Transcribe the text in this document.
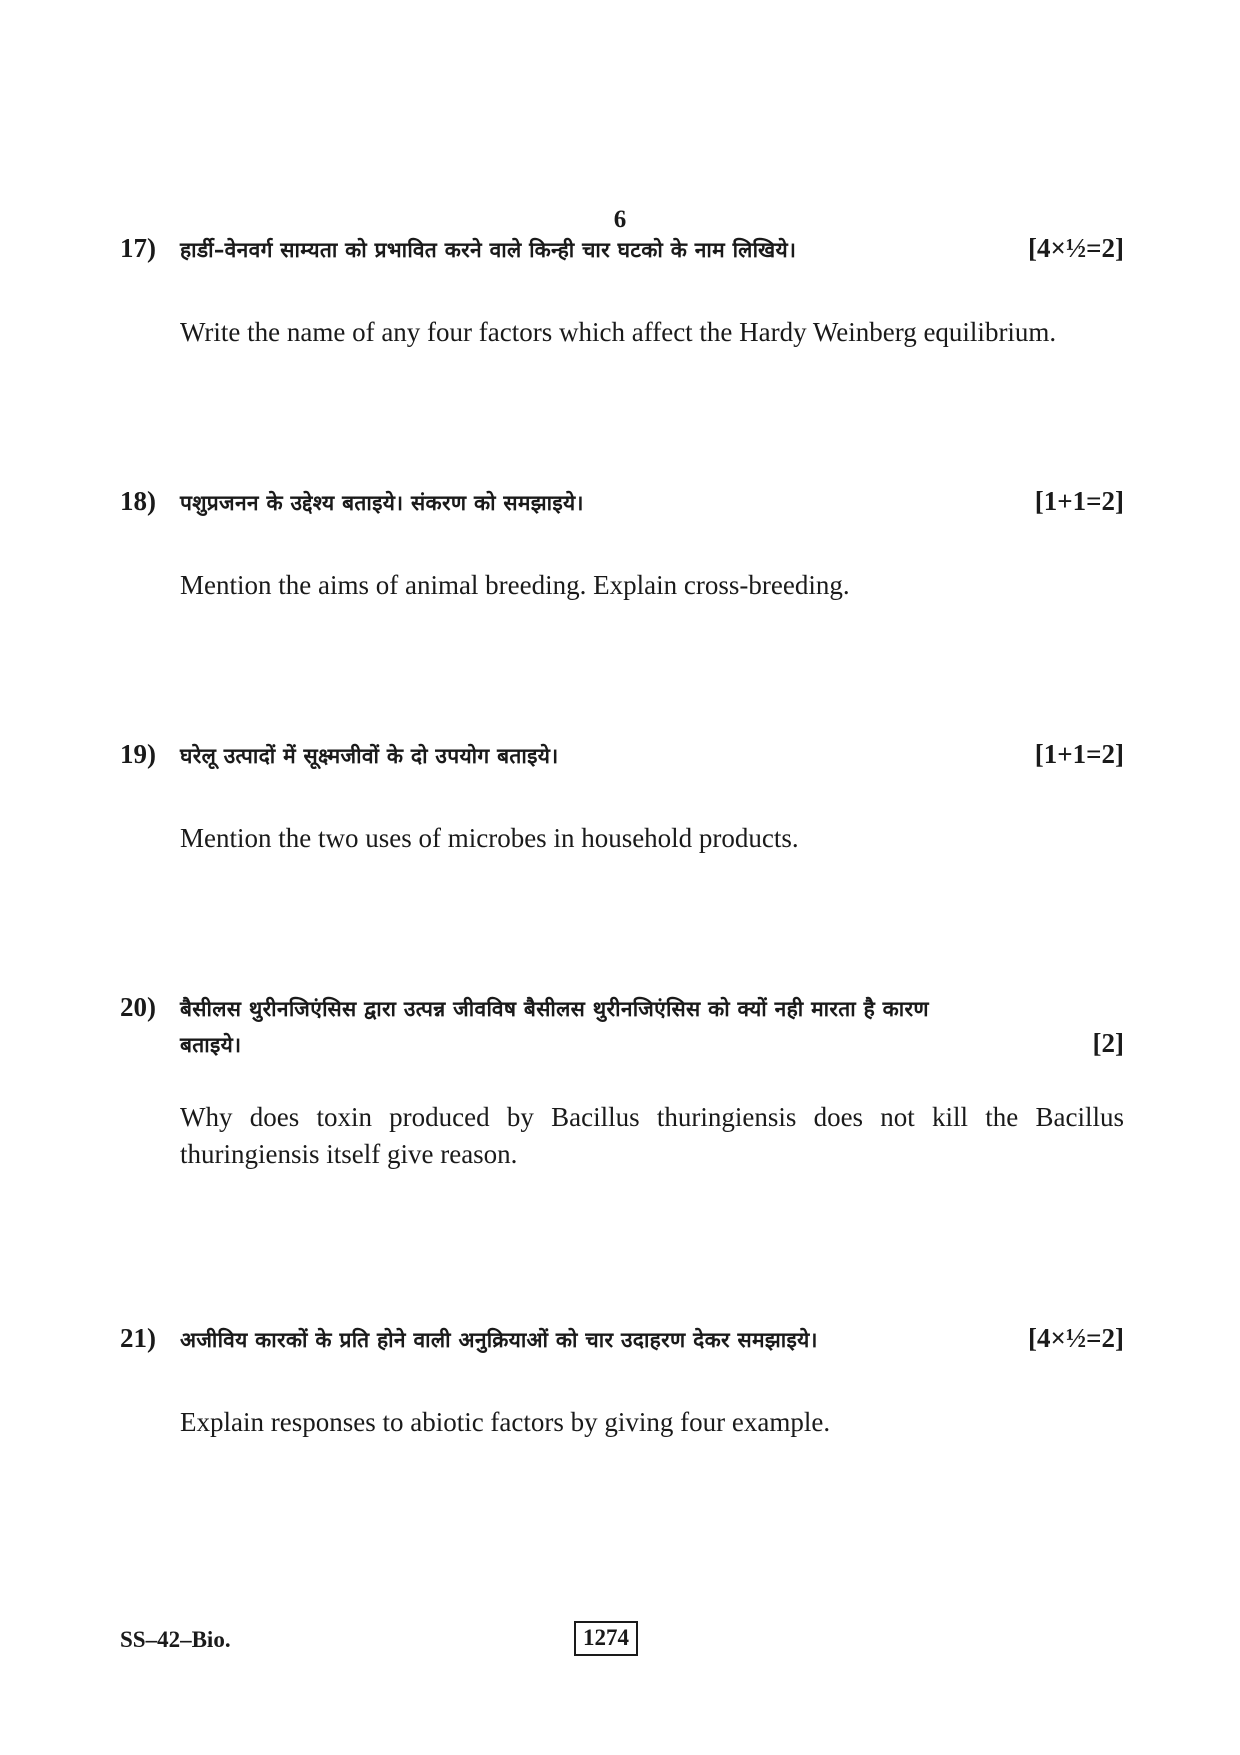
6
17)	हार्डी–वेनवर्ग साम्यता को प्रभावित करने वाले किन्ही चार घटको के नाम लिखिये।	[4×½=2]
Write the name of any four factors which affect the Hardy Weinberg equilibrium.
18)	पशुप्रजनन के उद्देश्य बताइये। संकरण को समझाइये।	[1+1=2]
Mention the aims of animal breeding. Explain cross-breeding.
19)	घरेलू उत्पादों में सूक्ष्मजीवों के दो उपयोग बताइये।	[1+1=2]
Mention the two uses of microbes in household products.
20)	बैसीलस थुरीनजिएंसिस द्वारा उत्पन्न जीवविष बैसीलस थुरीनजिएंसिस को क्यों नही मारता है कारण
बताइये।	[2]
Why does toxin produced by Bacillus thuringiensis does not kill the Bacillus thuringiensis itself give reason.
21)	अजीविय कारकों के प्रति होने वाली अनुक्रियाओं को चार उदाहरण देकर समझाइये।	[4×½=2]
Explain responses to abiotic factors by giving four example.
SS–42–Bio.	1274
